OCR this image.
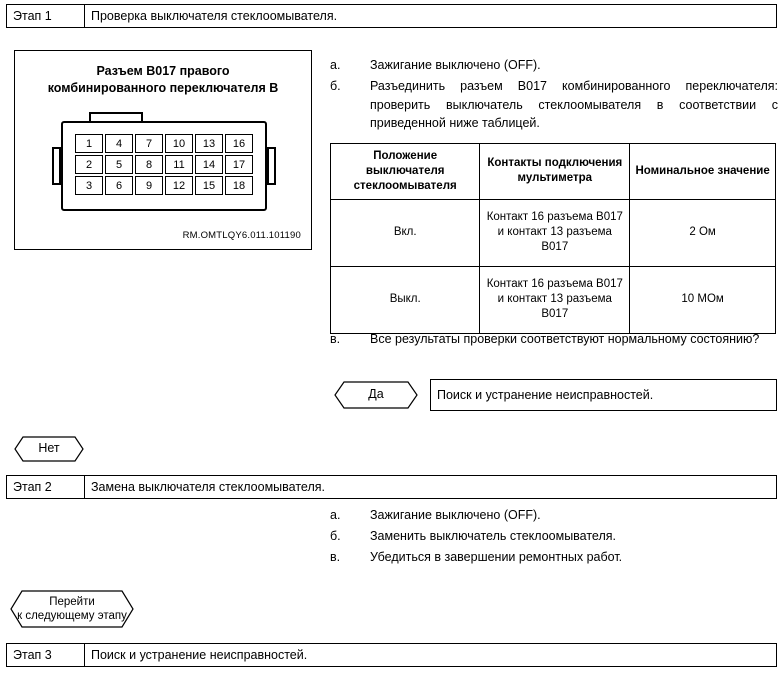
Этап 1	Проверка выключателя стеклоомывателя.
Разъем B017 правого
комбинированного переключателя B
1	4	7	10	13	16
2	5	8	11	14	17
3	6	9	12	15	18
RM.OMTLQY6.011.101190
а.	Зажигание выключено (OFF).
б.	Разъединить разъем B017 комбинированного переключателя: проверить выключатель стеклоомывателя в соответствии с приведенной ниже таблицей.
Положение выключателя стеклоомывателя	Контакты подключения мультиметра	Номинальное значение
Вкл.	Контакт 16 разъема B017 и контакт 13 разъема B017	2 Ом
Выкл.	Контакт 16 разъема B017 и контакт 13 разъема B017	10 МОм
в.	Все результаты проверки соответствуют нормальному состоянию?
Да	Поиск и устранение неисправностей.
Нет
Этап 2	Замена выключателя стеклоомывателя.
а.	Зажигание выключено (OFF).
б.	Заменить выключатель стеклоомывателя.
в.	Убедиться в завершении ремонтных работ.
Перейти
к следующему этапу
Этап 3	Поиск и устранение неисправностей.
